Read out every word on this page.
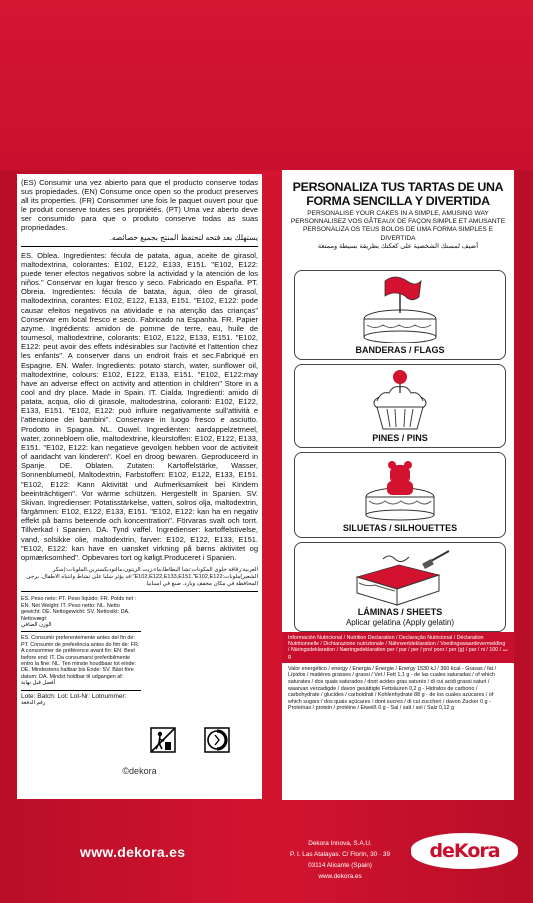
(ES) Consumir una vez abierto para que el producto conserve todas sus propiedades. (EN) Consume once open so the product preserves all its properties. (FR) Consommer une fois le paquet ouvert pour que le produit conserve toutes ses propriétés. (PT) Uma vez aberto deve ser consumido para que o produto conserve todas as suas propriedades.

يستهلك بعد فتحه لتحتفظ المنتج بجميع خصائصه.

ES. Oblea. Ingredientes: fécula de patata, agua, aceite de girasol, maltodextrina, colorantes: E102, E122, E133, E151. "E102, E122: puede tener efectos negativos sobre la actividad y la atención de los niños." Conservar en lugar fresco y seco. Fabricado en España. PT. Obreia. Ingredientes: fécula de batata, água, óleo de girasol, maltodextrina, corantes: E102, E122, E133, E151. "E102, E122: pode causar efeitos negativos na atividade e na atenção das crianças" Conservar em local fresco e seco. Fabricado na Espanha. FR. Papier azyme. Ingrédients: amidon de pomme de terre, eau, huile de tournesol, maltodextrine, colorants: E102, E122, E133, E151. "E102, E122: peut avoir des effets indésirables sur l'activité et l'attention chez les enfants". A conserver dans un endroit frais et sec.Fabriqué en Espagne. EN. Wafer. Ingredients: potato starch, water, sunflower oil, maltodextrine, colours: E102, E122, E133, E151. "E102, E122:may have an adverse effect on activity and attention in children" Store in a cool and dry place. Made in Spain. IT. Cialda. Ingredienti: amido di patata, acqua, olio di girasole, maltodestrina, coloranti: E102, E122, E133, E151. "E102, E122: può influire negativamente sull'attività e l'attenzione dei bambini". Conservare in luogo fresco e asciutto. Prodotto in Spagna. NL. Ouwel. Ingrediënten: aardappelzetmeel, water, zonnebloem olie, maltodextrine, kleurstoffen: E102, E122, E133, E151. "E102, E122: kan negatieve gevolgen hebben voor de activiteit of aandacht van kinderen". Koel en droog bewaren. Geproduceerd in Spanje. DE. Oblaten. Zutaten: Kartoffelstärke, Wasser, Sonnenblumeöl, Maltodextrin, Farbstoffen: E102, E122, E133, E151. "E102, E122: Kann Aktivität und Aufmerksamkeit bei Kindern beeinträchtigen". Vor wärme schützen. Hergestellt in Spanien. SV. Skivan. Ingredienser: Potatisstärkelse, vatten, solros olja, maltodextrin, färgämnen: E102, E122, E133, E151. "E102, E122: kan ha en negativ effekt på barns beteende och koncentration". Förvaras svalt och torrt. Tillverkad i Spanien. DA. Tynd vaffel. Ingredienser: kartoffelstivelse, vand, solsikke olie, maltodextrin, farver: E102, E122, E133, E151. "E102, E122: kan have en uønsket virkning på børns aktivitet og opmærksomhed". Opbevares tort og køligt.Produceret i Spanien.

العربية:رقاقة حلوى المكونات:نشا البطاطا،ماء،زيت الزيتون،مالتوديكسترين،الملونات:(سكر الشعير)ملونات:E102,E122,E133,E151."E102,E122":قد يؤثر سلبا على نشاط وانتباه الاطفال. يرجى المحافظة في مكان مجفف وبارد. صنع في اسبانيا

ES. Peso neto: PT. Peso líquido: FR. Poids net : EN. Net Weight: IT. Peso netto: NL. Netto gewicht: DE. Nettogewicht: SV. Nettovikt: DA. Nettovægt:
الوزن الصافي
ES. Consumir preferentemente antes del fin de: PT. Consumir de preferência antes do fim de: FR. A consommer de préférence avant fin: EN. Best before end: IT. Da consumarsi preferibilmente entro la fine: NL. Ten minste houdbaar tot einde: DE. Mindestens haltbar bis Ende: SV. Bäst före datum: DA. Mindst holdbar til udgangen af:
أفضل قبل نهاية
Lote: Batch: Lot: Lot-Nr: Lotnummer:
رقم الدفعة
©dekora
PERSONALIZA TUS TARTAS DE UNA FORMA SENCILLA Y DIVERTIDA
PERSONALISE YOUR CAKES IN A SIMPLE, AMUSING WAY
PERSONNALISEZ VOS GÂTEAUX DE FAÇON SIMPLE ET AMUSANTE
PERSONALIZA OS TEUS BOLOS DE UMA FORMA SIMPLES E DIVERTIDA
أضيف لمستك الشخصية على كعكتك بطريقة بسيطة وممتعة
BANDERAS / FLAGS
PINES / PINS
SILUETAS / SILHOUETTES
LÁMINAS / SHEETS
Aplicar gelatina (Apply gelatin)
Información Nutricional / Nutrition Declaration / Declaração Nutricional / Déclaration Nutritionnelle / Dichiarazione nutrizionale / Nährwertdeklaration / Voedingswaardevermelding / Näringsdeklaration / Næringsdeklaration per / par / per / pro/ poor / per (g) / par / ni / ت / 100 g
Valor energético / energy / Energia / Énergie / Energy 1530 kJ / 360 kcal - Grasas / fat / Lípidos / matières grasses / grassi / Vet / Fett 1,1 g - de las cuales saturadas / of which saturates / dos quais saturados / dont acides gras saturés / di cui acidi grassi saturi / waarvan verzadigde / davon gesättigte Fettsäuren 0,2 g - Hidratos de carbono / carbohydrate / glucides / carboidrati / Kohlenhydrate 88 g - de los cuales azúcares / of which sugars / dos quais açúcares / dont sucres / di cui zuccheri / davon Zucker 0 g - Proteínas / protein / protéine / Eiweiß 0 g - Sal / salt / sel / Salz 0,12 g
www.dekora.es
Dekora Innova, S.A.U.
P. I. Las Atalayas. C/ Florín, 30 · 39
03114 Alicante (Spain)
www.dekora.es
deKora
